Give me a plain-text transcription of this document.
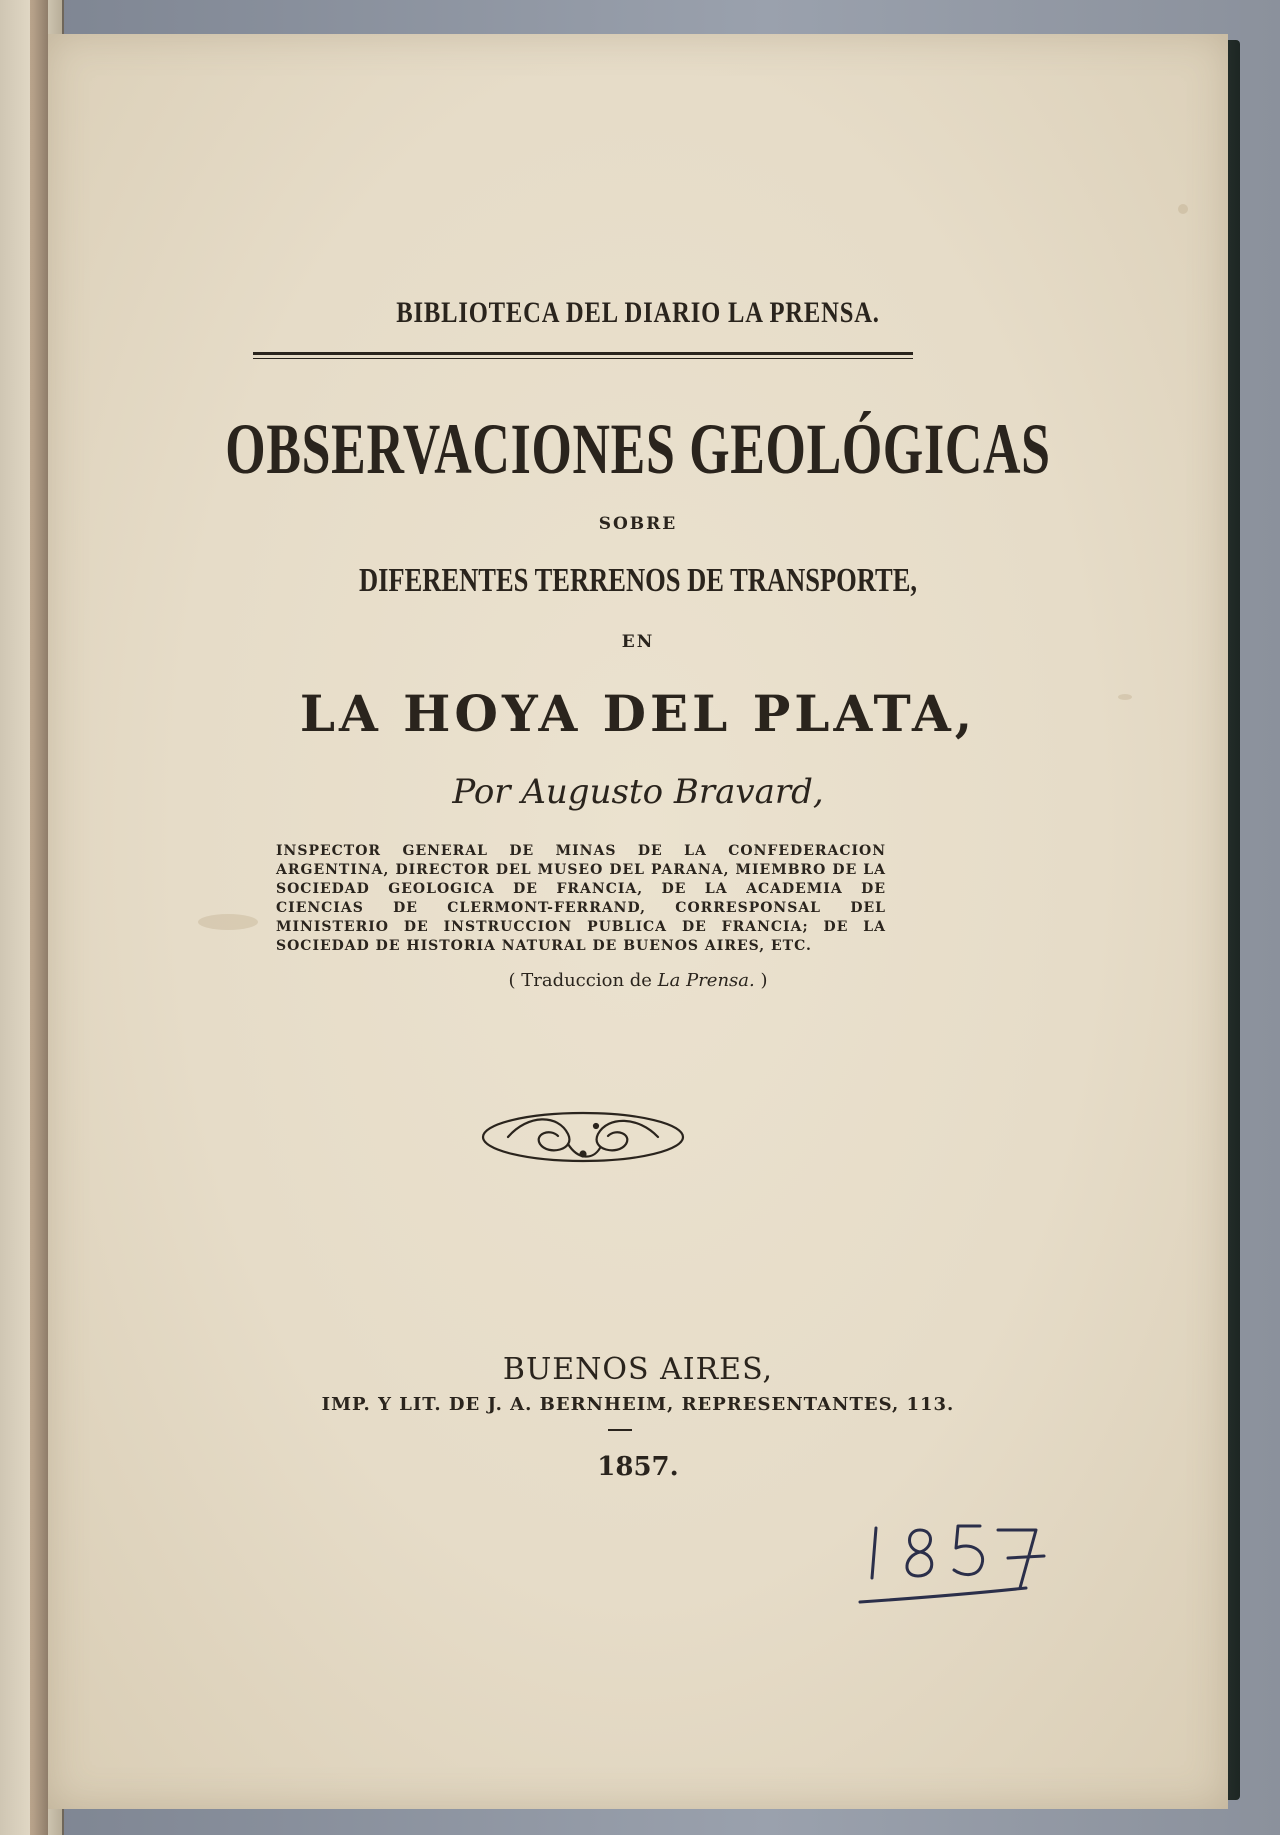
BIBLIOTECA DEL DIARIO LA PRENSA.
OBSERVACIONES GEOLÓGICAS
SOBRE
DIFERENTES TERRENOS DE TRANSPORTE,
EN
LA HOYA DEL PLATA,
Por Augusto Bravard,
INSPECTOR GENERAL DE MINAS DE LA CONFEDERACION ARGENTINA, DIRECTOR DEL MUSEO DEL PARANA, MIEMBRO DE LA SOCIEDAD GEOLOGICA DE FRANCIA, DE LA ACADEMIA DE CIENCIAS DE CLERMONT-FERRAND, CORRESPONSAL DEL MINISTERIO DE INSTRUCCION PUBLICA DE FRANCIA; DE LA SOCIEDAD DE HISTORIA NATURAL DE BUENOS AIRES, ETC.
( Traduccion de La Prensa. )
BUENOS AIRES,
IMP. Y LIT. DE J. A. BERNHEIM, REPRESENTANTES, 113.
1857.
